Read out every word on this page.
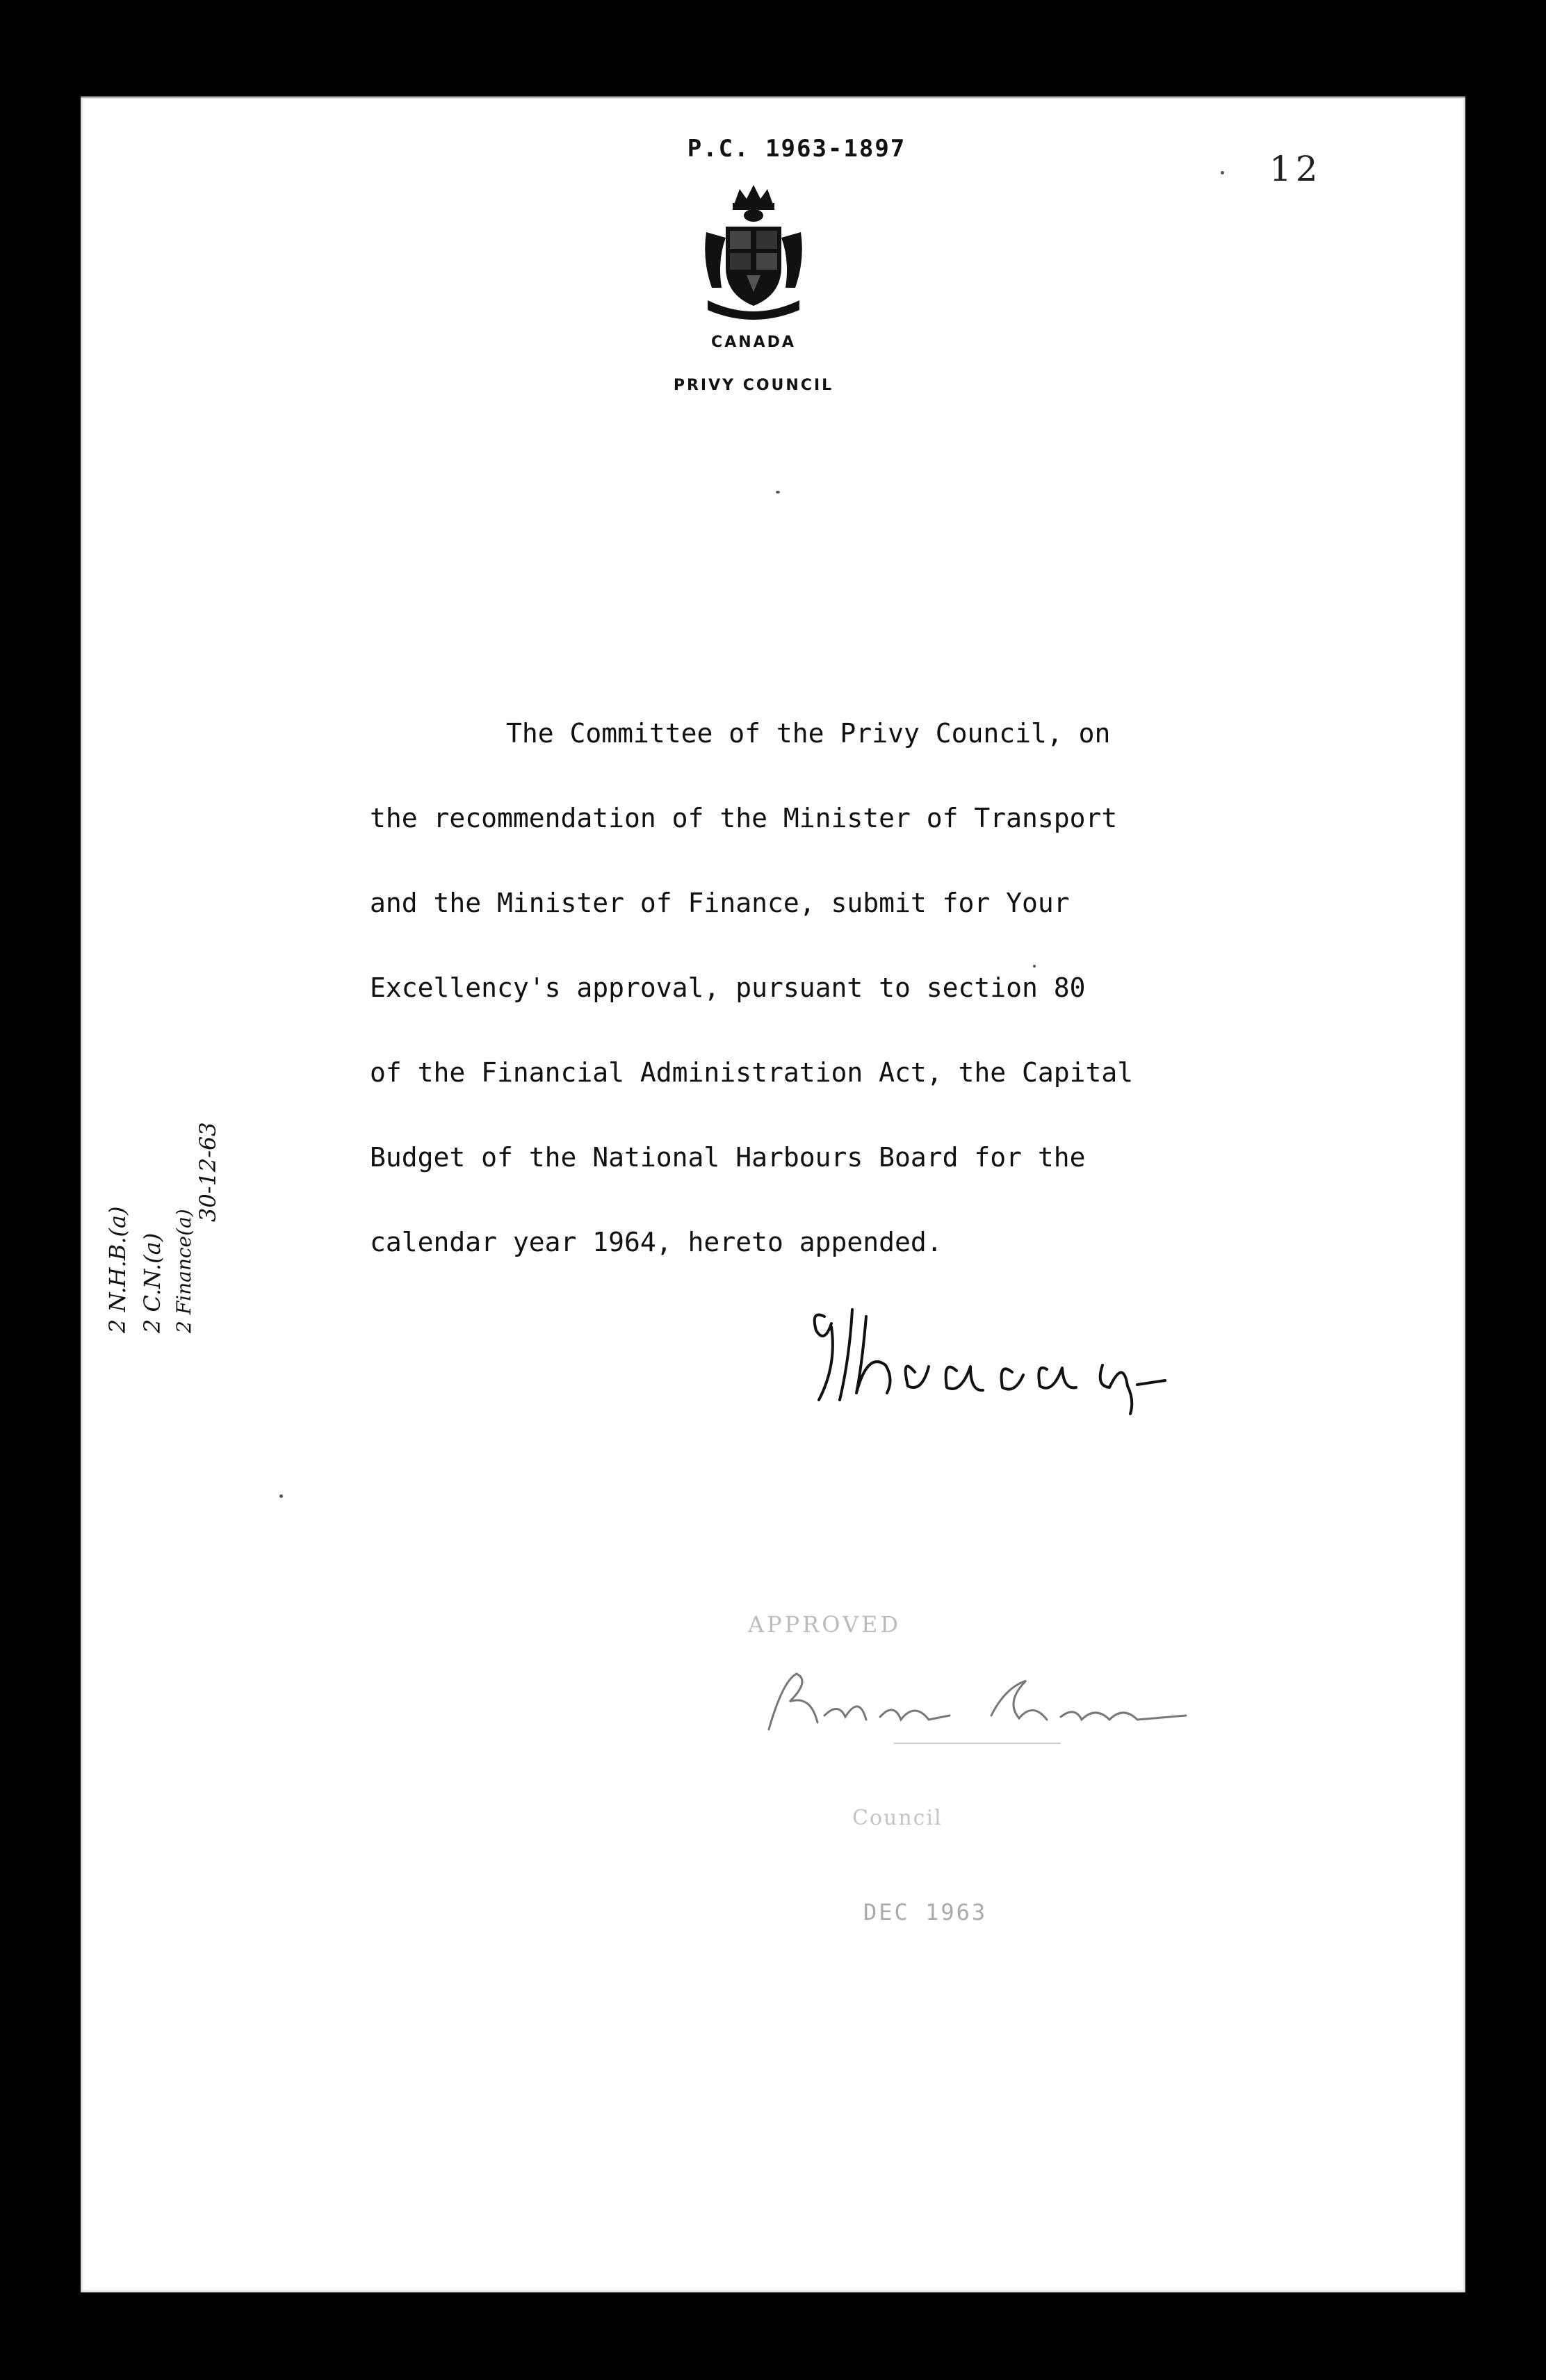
P.C. 1963-1897	12
CANADA
PRIVY COUNCIL
30-12-63
2 N.H.B.(a) 2 C.N.(a) 2 Finance(a)
The Committee of the Privy Council, on
the recommendation of the Minister of Transport
and the Minister of Finance, submit for Your
Excellency's approval, pursuant to section 80
of the Financial Administration Act, the Capital
Budget of the National Harbours Board for the
calendar year 1964, hereto appended.
APPROVED
Council
DEC 1963
